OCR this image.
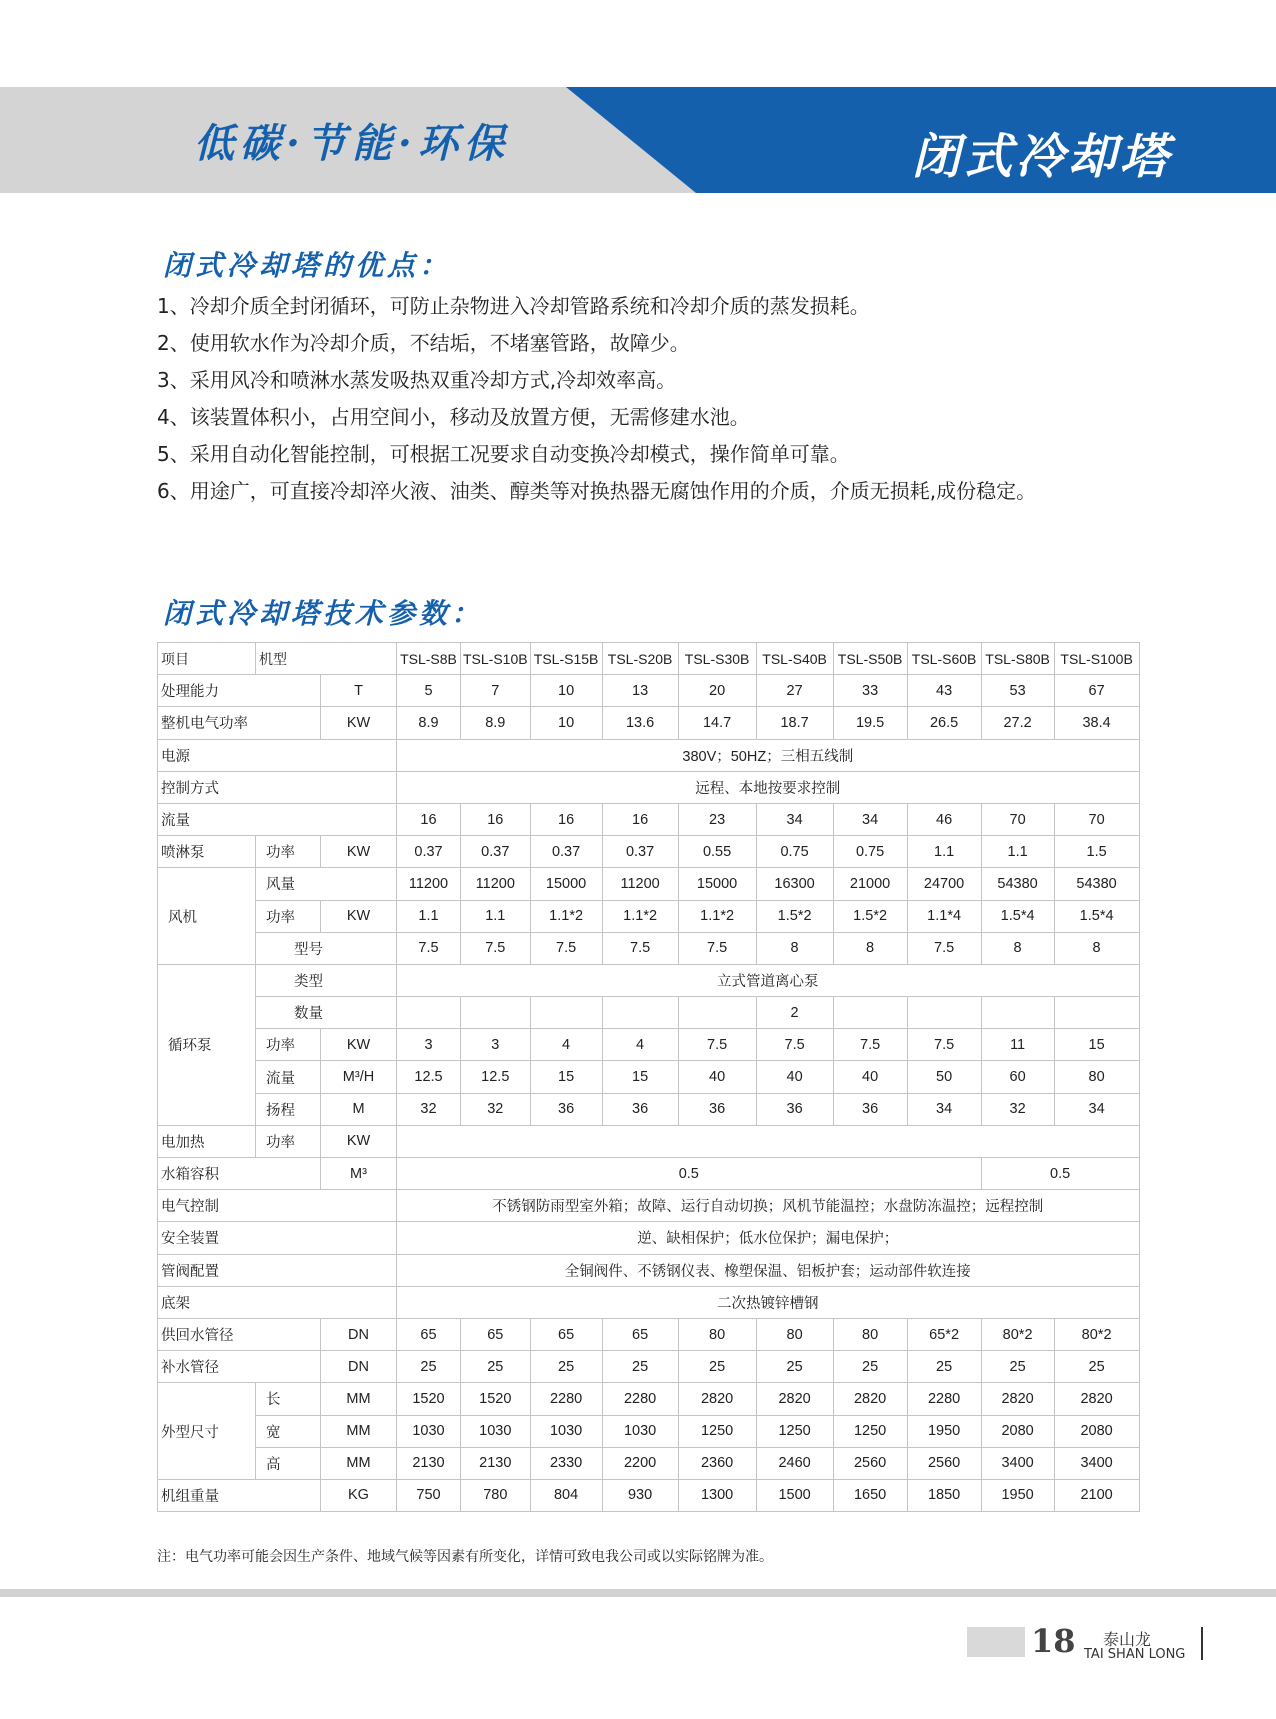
低碳·节能·环保	闭式冷却塔
闭式冷却塔的优点：
1、冷却介质全封闭循环，可防止杂物进入冷却管路系统和冷却介质的蒸发损耗。
2、使用软水作为冷却介质，不结垢，不堵塞管路，故障少。
3、采用风冷和喷淋水蒸发吸热双重冷却方式,冷却效率高。
4、该装置体积小，占用空间小，移动及放置方便，无需修建水池。
5、采用自动化智能控制，可根据工况要求自动变换冷却模式，操作简单可靠。
6、用途广，可直接冷却淬火液、油类、醇类等对换热器无腐蚀作用的介质，介质无损耗,成份稳定。
闭式冷却塔技术参数：
项目	机型		TSL-S8B	TSL-S10B	TSL-S15B	TSL-S20B	TSL-S30B	TSL-S40B	TSL-S50B	TSL-S60B	TSL-S80B	TSL-S100B
处理能力		T	5	7	10	13	20	27	33	43	53	67
整机电气功率		KW	8.9	8.9	10	13.6	14.7	18.7	19.5	26.5	27.2	38.4
电源			380V；50HZ；三相五线制									
控制方式			远程、本地按要求控制									
流量			16	16	16	16	23	34	34	46	70	70
喷淋泵	功率	KW	0.37	0.37	0.37	0.37	0.55	0.75	0.75	1.1	1.1	1.5
风机	风量		11200	11200	15000	11200	15000	16300	21000	24700	54380	54380
	功率	KW	1.1	1.1	1.1*2	1.1*2	1.1*2	1.5*2	1.5*2	1.1*4	1.5*4	1.5*4
	型号		7.5	7.5	7.5	7.5	7.5	8	8	7.5	8	8
循环泵	类型		立式管道离心泵									
	数量							2				
	功率	KW	3	3	4	4	7.5	7.5	7.5	7.5	11	15
	流量	M³/H	12.5	12.5	15	15	40	40	40	50	60	80
	扬程	M	32	32	36	36	36	36	36	34	32	34
电加热	功率	KW										
水箱容积		M³	0.5								0.5	
电气控制			不锈钢防雨型室外箱；故障、运行自动切换；风机节能温控；水盘防冻温控；远程控制									
安全装置			逆、缺相保护；低水位保护；漏电保护；									
管阀配置			全铜阀件、不锈钢仪表、橡塑保温、铝板护套；运动部件软连接									
底架			二次热镀锌槽钢									
供回水管径		DN	65	65	65	65	80	80	80	65*2	80*2	80*2
补水管径		DN	25	25	25	25	25	25	25	25	25	25
外型尺寸	长	MM	1520	1520	2280	2280	2820	2820	2820	2280	2820	2820
	宽	MM	1030	1030	1030	1030	1250	1250	1250	1950	2080	2080
	高	MM	2130	2130	2330	2200	2360	2460	2560	2560	3400	3400
机组重量		KG	750	780	804	930	1300	1500	1650	1850	1950	2100
注：电气功率可能会因生产条件、地域气候等因素有所变化，详情可致电我公司或以实际铭牌为准。
18 泰山龙
TAI SHAN LONG
